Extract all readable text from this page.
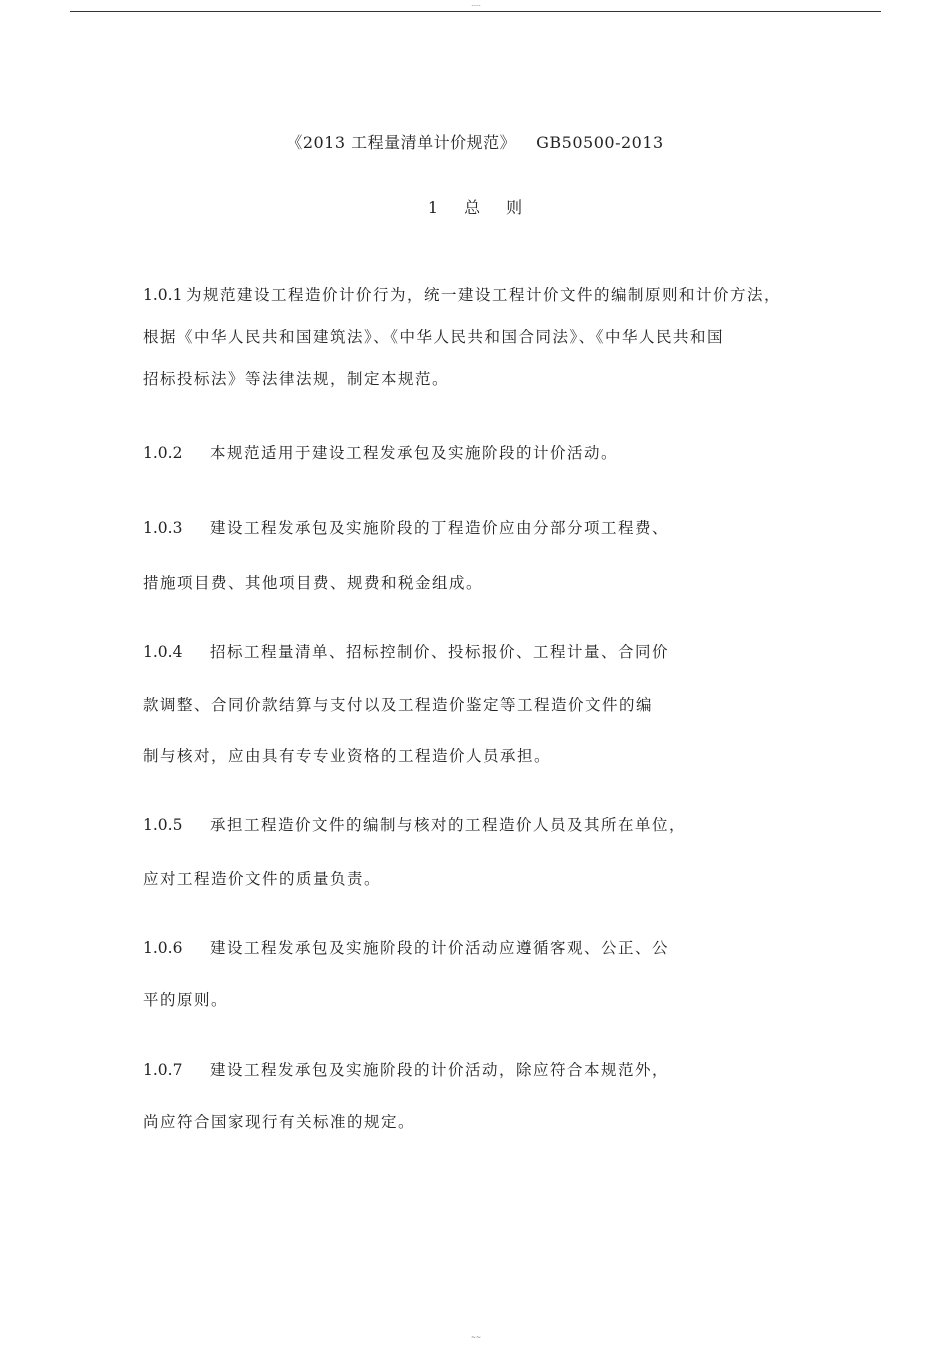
.....
《2013 工程量清单计价规范》 GB50500-2013
1 总 则
1.0.1 为规范建设工程造价计价行为，统一建设工程计价文件的编制原则和计价方法，
根据《中华人民共和国建筑法》、《中华人民共和国合同法》、《中华人民共和国
招标投标法》等法律法规，制定本规范。
1.0.2 本规范适用于建设工程发承包及实施阶段的计价活动。
1.0.3 建设工程发承包及实施阶段的丁程造价应由分部分项工程费、
措施项目费、其他项目费、规费和税金组成。
1.0.4 招标工程量清单、招标控制价、投标报价、工程计量、合同价
款调整、合同价款结算与支付以及工程造价鉴定等工程造价文件的编
制与核对，应由具有专专业资格的工程造价人员承担。
1.0.5 承担工程造价文件的编制与核对的工程造价人员及其所在单位，
应对工程造价文件的质量负责。
1.0.6 建设工程发承包及实施阶段的计价活动应遵循客观、公正、公
平的原则。
1.0.7 建设工程发承包及实施阶段的计价活动，除应符合本规范外，
尚应符合国家现行有关标准的规定。
~~
